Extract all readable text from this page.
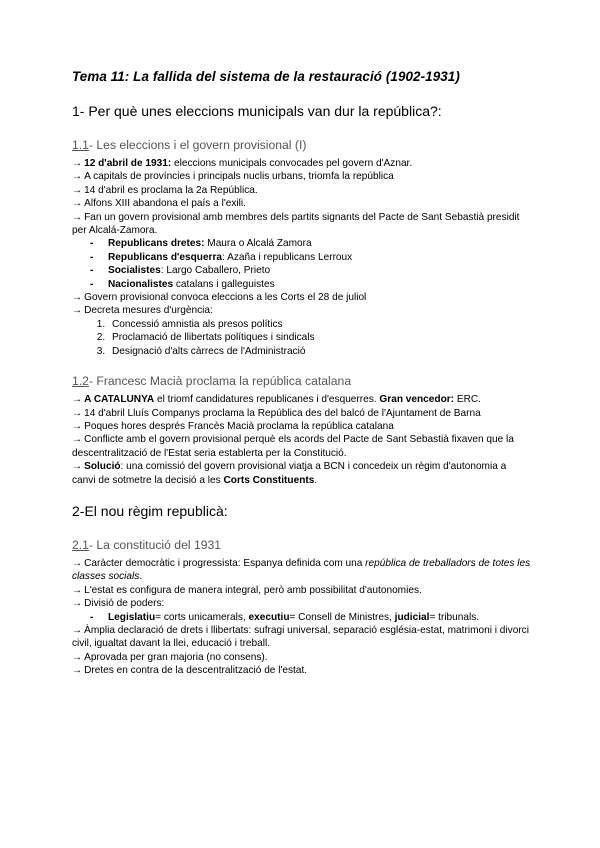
Tema 11: La fallida del sistema de la restauració (1902-1931)
1- Per què unes eleccions municipals van dur la república?:
1.1- Les eleccions i el govern provisional (I)

→ 12 d'abril de 1931: eleccions municipals convocades pel govern d'Aznar.

→ A capitals de províncies i principals nuclis urbans, triomfa la república

→ 14 d'abril es proclama la 2a República.

→ Alfons XIII abandona el país a l'exili.

→ Fan un govern provisional amb membres dels partits signants del Pacte de Sant Sebastià presidit per Alcalá-Zamora.

- Republicans dretes: Maura o Alcalá Zamora
- Republicans d'esquerra: Azaña i republicans Lerroux
- Socialistes: Largo Caballero, Prieto
- Nacionalistes catalans i galleguistes

→ Govern provisional convoca eleccions a les Corts el 28 de juliol

→ Decreta mesures d'urgència:

1. Concessió amnistia als presos polítics
2. Proclamació de llibertats polítiques i sindicals
3. Designació d'alts càrrecs de l'Administració
1.2- Francesc Macià proclama la república catalana

→ A CATALUNYA el triomf candidatures republicanes i d'esquerres. Gran vencedor: ERC.

→ 14 d'abril Lluís Companys proclama la República des del balcó de l'Ajuntament de Barna

→ Poques hores després Francès Macià proclama la república catalana

→ Conflicte amb el govern provisional perquè els acords del Pacte de Sant Sebastià fixaven que la descentralització de l'Estat seria establerta per la Constitució.

→ Solució: una comissió del govern provisional viatja a BCN i concedeix un règim d'autonomia a canvi de sotmetre la decisió a les Corts Constituents.

2-El nou règim republicà:
2.1- La constitució del 1931

→ Caràcter democràtic i progressista: Espanya definida com una república de treballadors de totes les classes socials.

→ L'estat es configura de manera integral, però amb possibilitat d'autonomies.

→ Divisió de poders:

- Legislatiu= corts unicamerals, executiu= Consell de Ministres, judicial= tribunals.

→ Àmplia declaració de drets i llibertats: sufragi universal, separació església-estat, matrimoni i divorci civil, igualtat davant la llei, educació i treball.

→ Aprovada per gran majoria (no consens).

→ Dretes en contra de la descentralització de l'estat.
